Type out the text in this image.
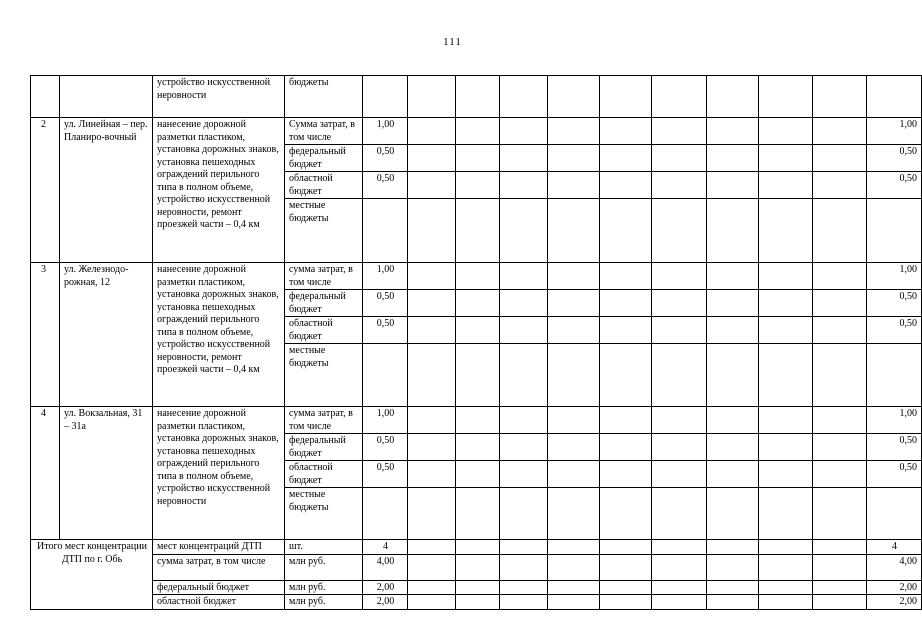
111
		устройство искусственной неровности	бюджеты											
2	ул. Линейная – пер. Планиро-вочный	нанесение дорожной разметки пластиком, установка дорожных знаков, установка пешеходных ограждений перильного типа в полном объеме, устройство искусственной неровности, ремонт проезжей части – 0,4 км	Сумма затрат, в том числе	1,00										1,00
			федеральный бюджет	0,50										0,50
			областной бюджет	0,50										0,50
			местные бюджеты											
3	ул. Железнодо-рожная, 12	нанесение дорожной разметки пластиком, установка дорожных знаков, установка пешеходных ограждений перильного типа в полном объеме, устройство искусственной неровности, ремонт проезжей части – 0,4 км	сумма затрат, в том числе	1,00										1,00
			федеральный бюджет	0,50										0,50
			областной бюджет	0,50										0,50
			местные бюджеты											
4	ул. Вокзальная, 31 – 31а	нанесение дорожной разметки пластиком, установка дорожных знаков, установка пешеходных ограждений перильного типа в полном объеме, устройство искусственной неровности	сумма затрат, в том числе	1,00										1,00
			федеральный бюджет	0,50										0,50
			областной бюджет	0,50										0,50
			местные бюджеты											
Итого мест концентрации ДТП по г. Обь		мест концентраций ДТП	шт.	4										4
		сумма затрат, в том числе	млн руб.	4,00										4,00
		федеральный бюджет	млн руб.	2,00										2,00
		областной бюджет	млн руб.	2,00										2,00
